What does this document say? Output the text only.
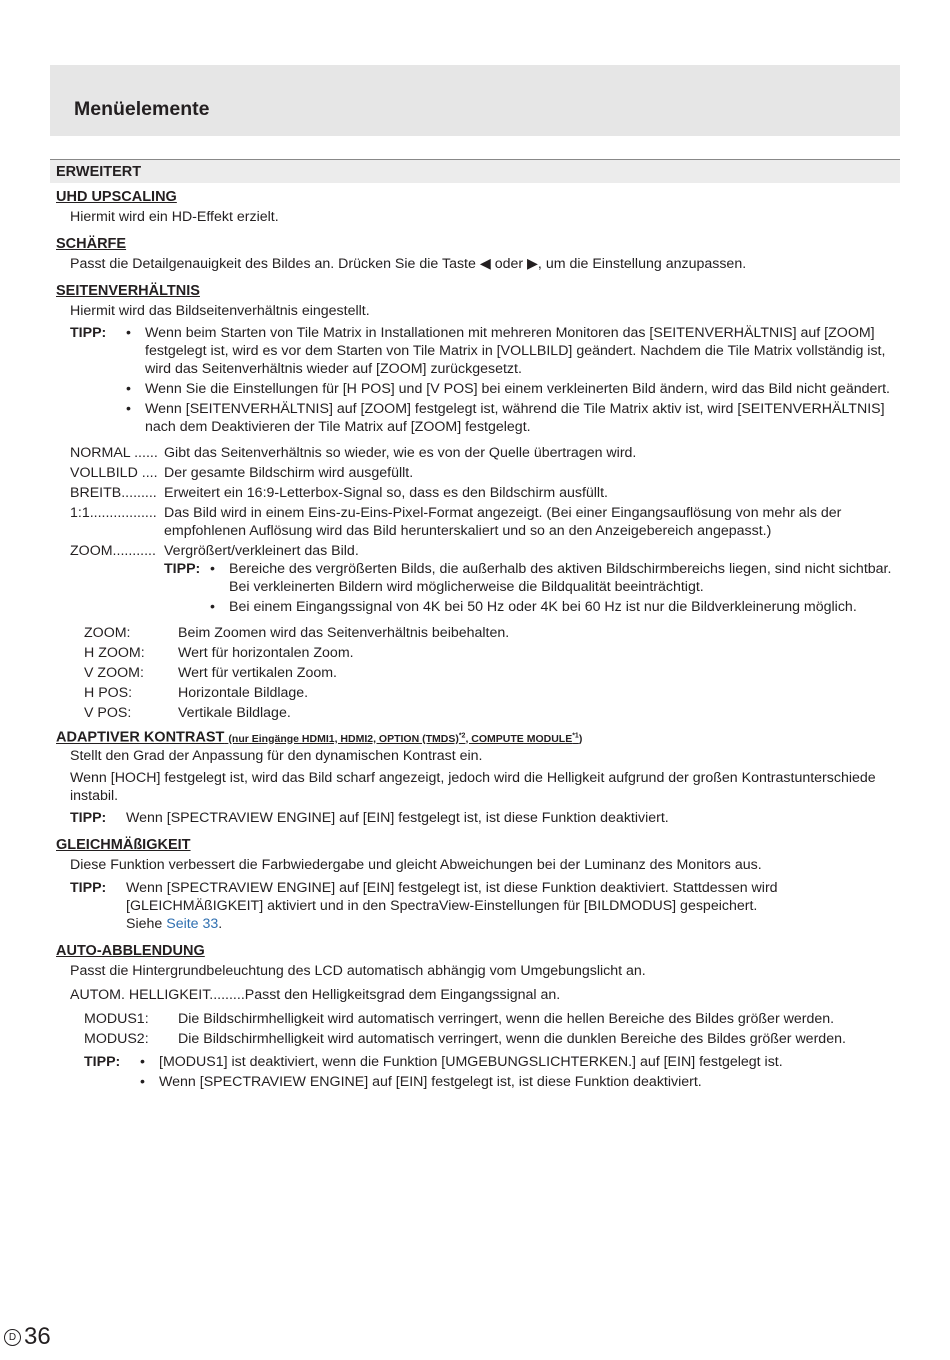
Menüelemente
ERWEITERT
UHD UPSCALING
Hiermit wird ein HD-Effekt erzielt.
SCHÄRFE
Passt die Detailgenauigkeit des Bildes an. Drücken Sie die Taste ◀ oder ▶, um die Einstellung anzupassen.
SEITENVERHÄLTNIS
Hiermit wird das Bildseitenverhältnis eingestellt.
TIPP:	• Wenn beim Starten von Tile Matrix in Installationen mit mehreren Monitoren das [SEITENVERHÄLTNIS] auf [ZOOM] festgelegt ist, wird es vor dem Starten von Tile Matrix in [VOLLBILD] geändert. Nachdem die Tile Matrix vollständig ist, wird das Seitenverhältnis wieder auf [ZOOM] zurückgesetzt.
• Wenn Sie die Einstellungen für [H POS] und [V POS] bei einem verkleinerten Bild ändern, wird das Bild nicht geändert.
• Wenn [SEITENVERHÄLTNIS] auf [ZOOM] festgelegt ist, während die Tile Matrix aktiv ist, wird [SEITENVERHÄLTNIS] nach dem Deaktivieren der Tile Matrix auf [ZOOM] festgelegt.
NORMAL ...... Gibt das Seitenverhältnis so wieder, wie es von der Quelle übertragen wird.
VOLLBILD .... Der gesamte Bildschirm wird ausgefüllt.
BREITB......... Erweitert ein 16:9-Letterbox-Signal so, dass es den Bildschirm ausfüllt.
1:1................. Das Bild wird in einem Eins-zu-Eins-Pixel-Format angezeigt. (Bei einer Eingangsauflösung von mehr als der empfohlenen Auflösung wird das Bild herunterskaliert und so an den Anzeigebereich angepasst.)
ZOOM........... Vergrößert/verkleinert das Bild.
TIPP: • Bereiche des vergrößerten Bilds, die außerhalb des aktiven Bildschirmbereichs liegen, sind nicht sichtbar.
Bei verkleinerten Bildern wird möglicherweise die Bildqualität beeinträchtigt.
• Bei einem Eingangssignal von 4K bei 50 Hz oder 4K bei 60 Hz ist nur die Bildverkleinerung möglich.
ZOOM:	Beim Zoomen wird das Seitenverhältnis beibehalten.
H ZOOM:	Wert für horizontalen Zoom.
V ZOOM:	Wert für vertikalen Zoom.
H POS:	Horizontale Bildlage.
V POS:	Vertikale Bildlage.
ADAPTIVER KONTRAST (nur Eingänge HDMI1, HDMI2, OPTION (TMDS)$^{*2}$, COMPUTE MODULE$^{*1}$)
Stellt den Grad der Anpassung für den dynamischen Kontrast ein.
Wenn [HOCH] festgelegt ist, wird das Bild scharf angezeigt, jedoch wird die Helligkeit aufgrund der großen Kontrastunterschiede instabil.
TIPP:	Wenn [SPECTRAVIEW ENGINE] auf [EIN] festgelegt ist, ist diese Funktion deaktiviert.
GLEICHMÄßIGKEIT
Diese Funktion verbessert die Farbwiedergabe und gleicht Abweichungen bei der Luminanz des Monitors aus.
TIPP:	Wenn [SPECTRAVIEW ENGINE] auf [EIN] festgelegt ist, ist diese Funktion deaktiviert. Stattdessen wird [GLEICHMÄßIGKEIT] aktiviert und in den SpectraView-Einstellungen für [BILDMODUS] gespeichert.
Siehe Seite 33.
AUTO-ABBLENDUNG
Passt die Hintergrundbeleuchtung des LCD automatisch abhängig vom Umgebungslicht an.
AUTOM. HELLIGKEIT......... Passt den Helligkeitsgrad dem Eingangssignal an.
MODUS1:	Die Bildschirmhelligkeit wird automatisch verringert, wenn die hellen Bereiche des Bildes größer werden.
MODUS2:	Die Bildschirmhelligkeit wird automatisch verringert, wenn die dunklen Bereiche des Bildes größer werden.
TIPP:	• [MODUS1] ist deaktiviert, wenn die Funktion [UMGEBUNGSLICHTERKEN.] auf [EIN] festgelegt ist.
• Wenn [SPECTRAVIEW ENGINE] auf [EIN] festgelegt ist, ist diese Funktion deaktiviert.
D 36
